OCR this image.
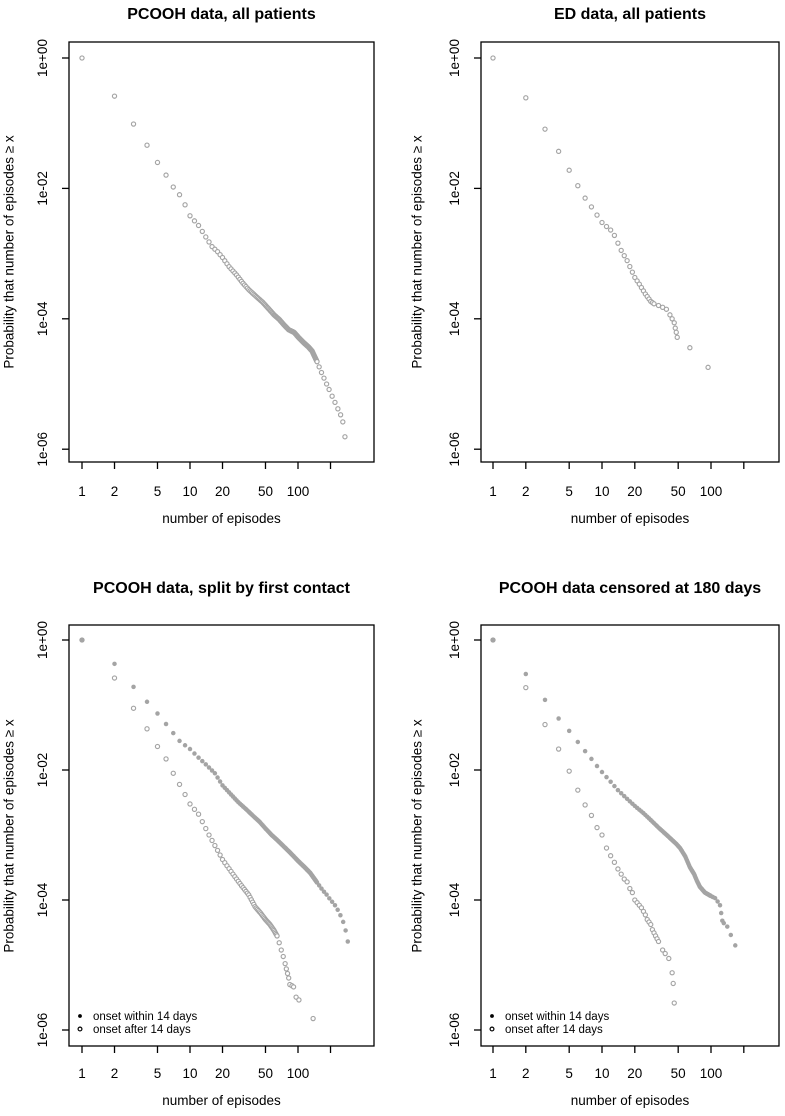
PCOOH data, all patients
Probability that number of episodes ≥ x
1 2	5 10 20 50 100
1e+00
1e-02
1e-04
1e-06
number of episodes
ED data, all patients
Probability that number of episodes ≥ x
1 2	5 10 20 50 100
1e+00
1e-02
1e-04
1e-06
number of episodes
PCOOH data, split by first contact
Probability that number of episodes ≥ x
1 2	5 10 20 50 100
1e+00
1e-02
1e-04
1e-06	onset within 14 days
onset after 14 days
number of episodes
PCOOH data censored at 180 days
Probability that number of episodes ≥ x
1 2	5 10 20 50 100
1e+00
1e-02
1e-04
1e-06	onset within 14 days
onset after 14 days
number of episodes
